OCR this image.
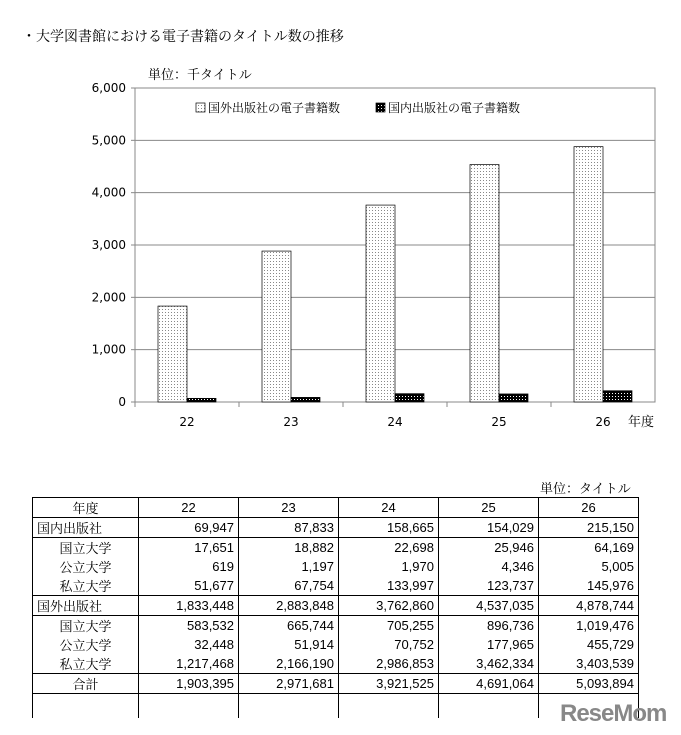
・大学図書館における電子書籍のタイトル数の推移
0
1,000
2,000
3,000
4,000
5,000
6,000
22	23	24	25	26
単位：千タイトル
国外出版社の電子書籍数	国内出版社の電子書籍数
年度
単位：タイトル
年度	22	23	24	25	26
国内出版社	69,947	87,833	158,665	154,029	215,150
国立大学	17,651	18,882	22,698	25,946	64,169
公立大学	619	1,197	1,970	4,346	5,005
私立大学	51,677	67,754	133,997	123,737	145,976
国外出版社	1,833,448	2,883,848	3,762,860	4,537,035	4,878,744
国立大学	583,532	665,744	705,255	896,736	1,019,476
公立大学	32,448	51,914	70,752	177,965	455,729
私立大学	1,217,468	2,166,190	2,986,853	3,462,334	3,403,539
合計	1,903,395	2,971,681	3,921,525	4,691,064	5,093,894

ReseMom
